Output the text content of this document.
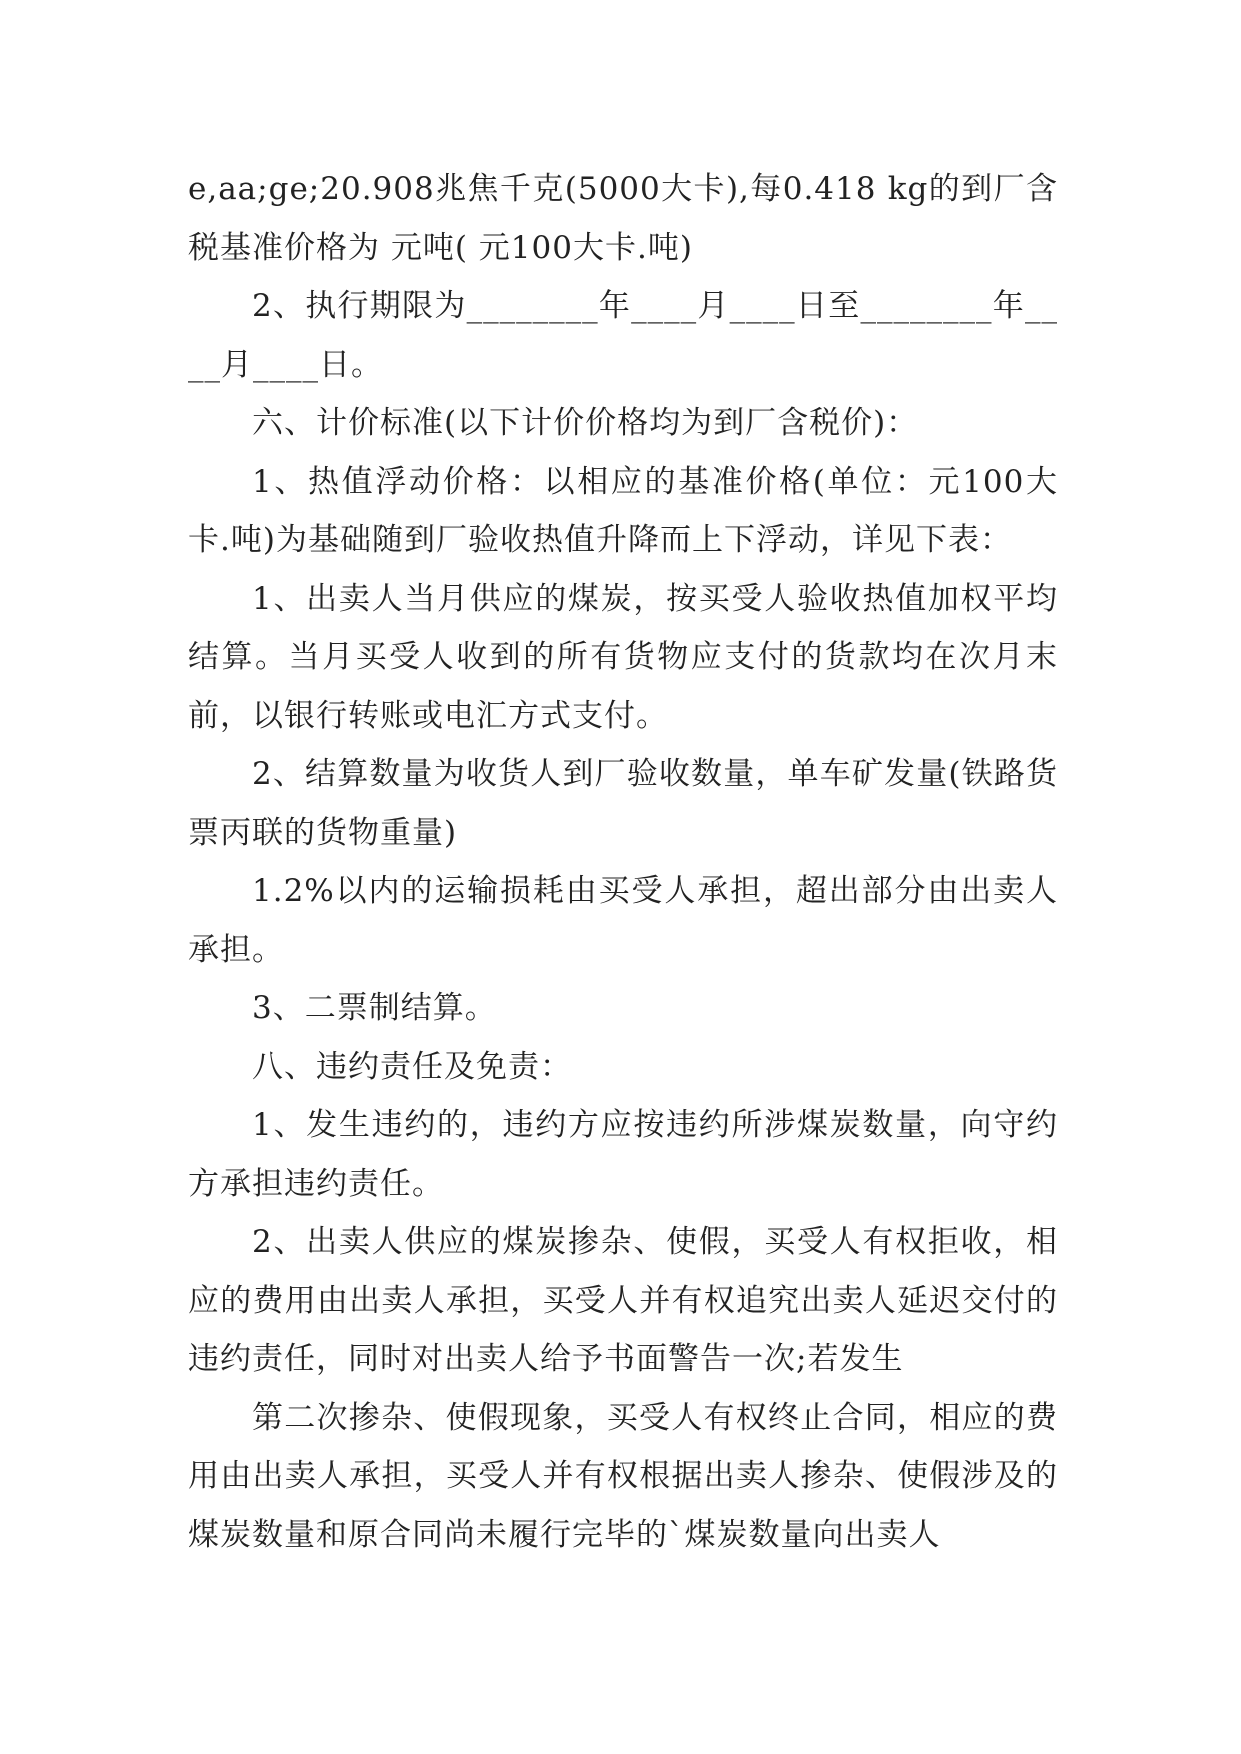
e,aa;ge;20.908兆焦千克(5000大卡),每0.418 kg的到厂含税基准价格为 元吨( 元100大卡.吨)

2、执行期限为________年____月____日至________年____月____日。

六、计价标准(以下计价价格均为到厂含税价)：

1、热值浮动价格：以相应的基准价格(单位：元100大卡.吨)为基础随到厂验收热值升降而上下浮动，详见下表：

1、出卖人当月供应的煤炭，按买受人验收热值加权平均结算。当月买受人收到的所有货物应支付的货款均在次月末前，以银行转账或电汇方式支付。

2、结算数量为收货人到厂验收数量，单车矿发量(铁路货票丙联的货物重量)

1.2%以内的运输损耗由买受人承担，超出部分由出卖人承担。

3、二票制结算。

八、违约责任及免责：

1、发生违约的，违约方应按违约所涉煤炭数量，向守约方承担违约责任。

2、出卖人供应的煤炭掺杂、使假，买受人有权拒收，相应的费用由出卖人承担，买受人并有权追究出卖人延迟交付的违约责任，同时对出卖人给予书面警告一次;若发生

第二次掺杂、使假现象，买受人有权终止合同，相应的费用由出卖人承担，买受人并有权根据出卖人掺杂、使假涉及的煤炭数量和原合同尚未履行完毕的`煤炭数量向出卖人
